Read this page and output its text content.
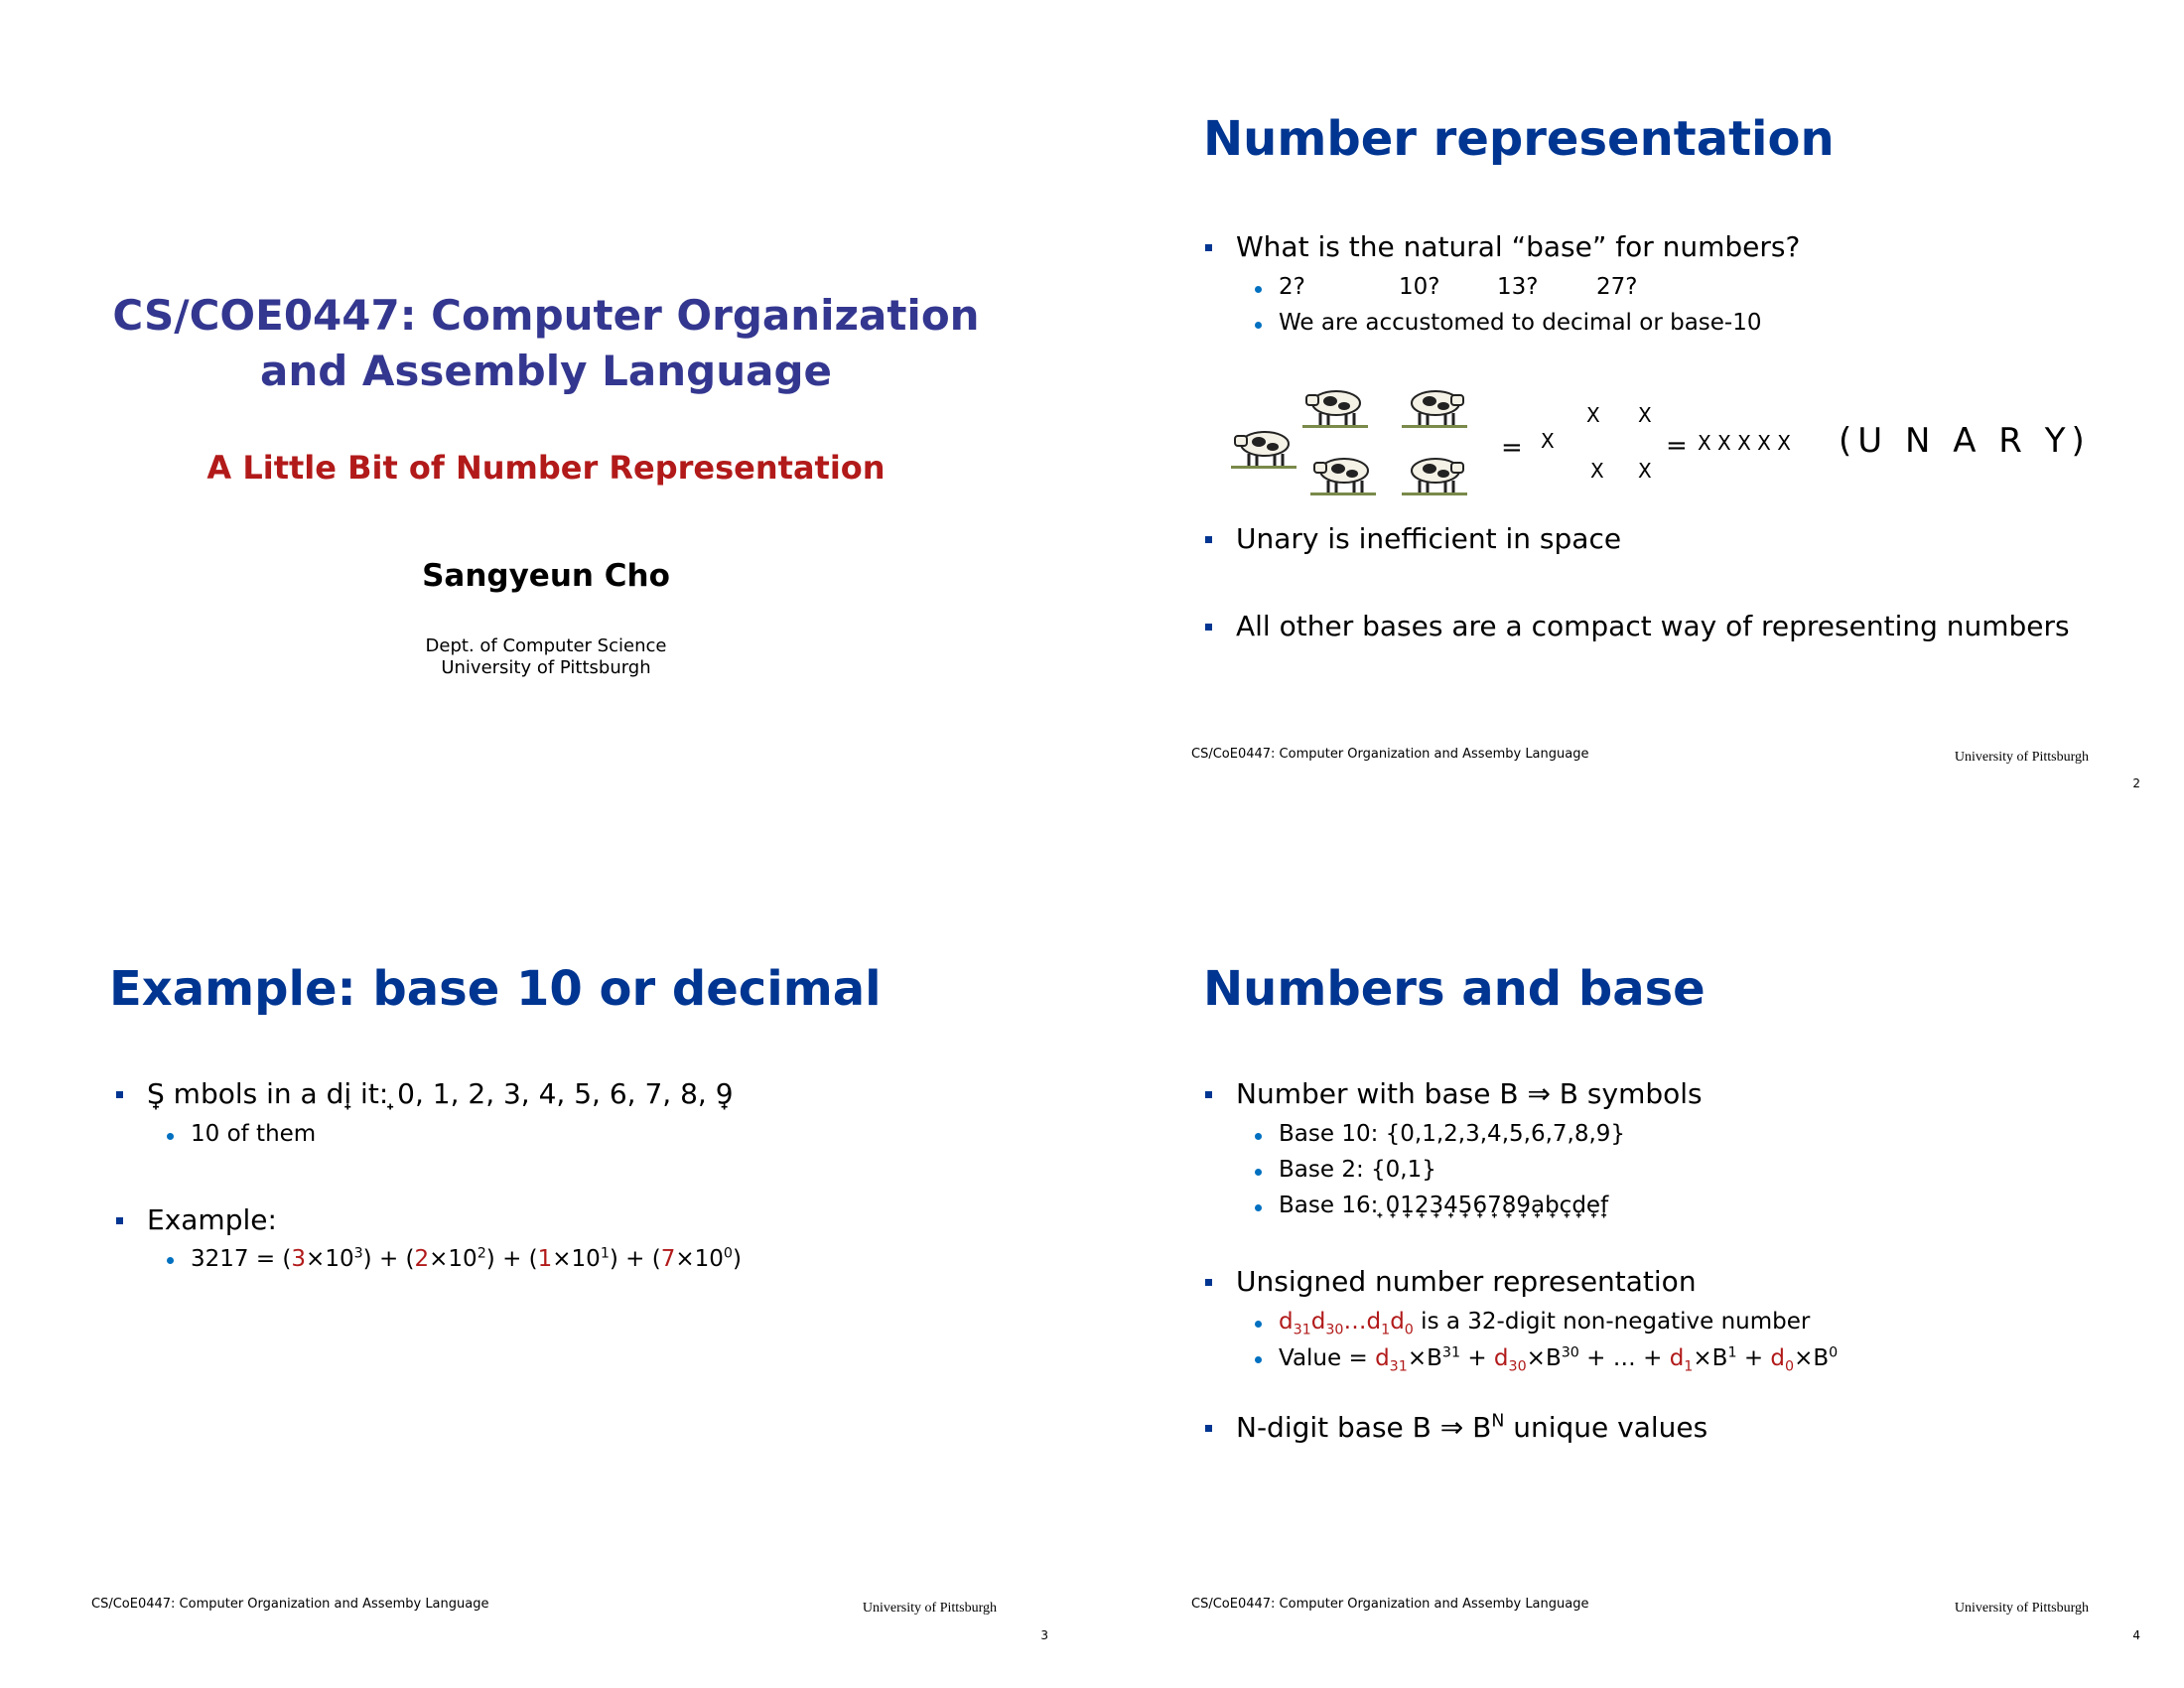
CS/COE0447: Computer Organization
and Assembly Language
A Little Bit of Number Representation
Sangyeun Cho
Dept. of Computer Science
University of Pittsburgh
Number representation
What is the natural “base” for numbers?
2?	10?	13?	27?
We are accustomed to decimal or base-10
=
X X
X
X X
= X X X X X (U N A R Y)
Unary is inefficient in space
All other bases are a compact way of representing numbers
CS/CoE0447: Computer Organization and Assemby Language	University of Pittsburgh
2
Example: base 10 or decimal
S̟ mbols in a di̟ it: ̟0, 1, 2, 3, 4, 5, 6, 7, 8, 9̟
10 of them
Example:
$3217 = (3\times 10^3) + (2\times 10^2) + (1\times 10^1) + (7\times 10^0)$
CS/CoE0447: Computer Organization and Assemby Language	University of Pittsburgh
3
Numbers and base
Number with base B ⇒ B symbols
Base 10: {0,1,2,3,4,5,6,7,8,9}
Base 2: {0,1}
Base 16: ̟0̟1̟2̟3̟4̟5̟6̟7̟8̟9̟a̟b̟c̟d̟e̟f̟
Unsigned number representation
$d_{31}d_{30}\dots d_1d_0$ is a 32-digit non-negative number
Value = $d_{31}\times B^{31} + d_{30}\times B^{30}$ + … + $d_1\times B^1 + d_0\times B^0$
N-digit base B ⇒ $B^N$ unique values
CS/CoE0447: Computer Organization and Assemby Language	University of Pittsburgh
4
